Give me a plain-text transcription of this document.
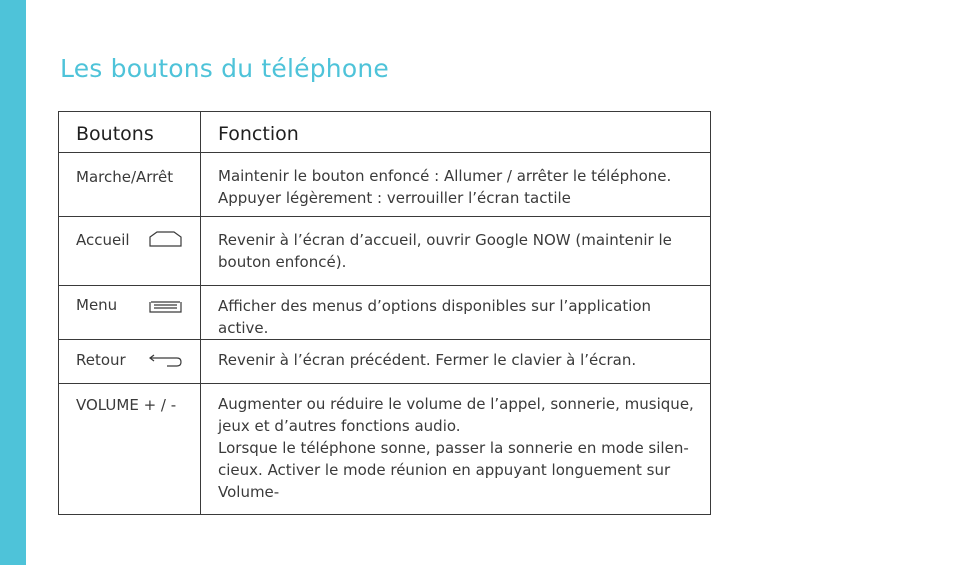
Les boutons du téléphone
Boutons	Fonction
Marche/Arrêt	Maintenir le bouton enfoncé : Allumer / arrêter le téléphone.
Appuyer légèrement : verrouiller l’écran tactile

Accueil	Revenir à l’écran d’accueil, ouvrir Google NOW (maintenir le bouton enfoncé).

Menu	Afficher des menus d’options disponibles sur l’application active.

Retour	Revenir à l’écran précédent. Fermer le clavier à l’écran.

VOLUME + / -	Augmenter ou réduire le volume de l’appel, sonnerie, musique, jeux et d’autres fonctions audio.
Lorsque le téléphone sonne, passer la sonnerie en mode silencieux. Activer le mode réunion en appuyant longuement sur Volume-
